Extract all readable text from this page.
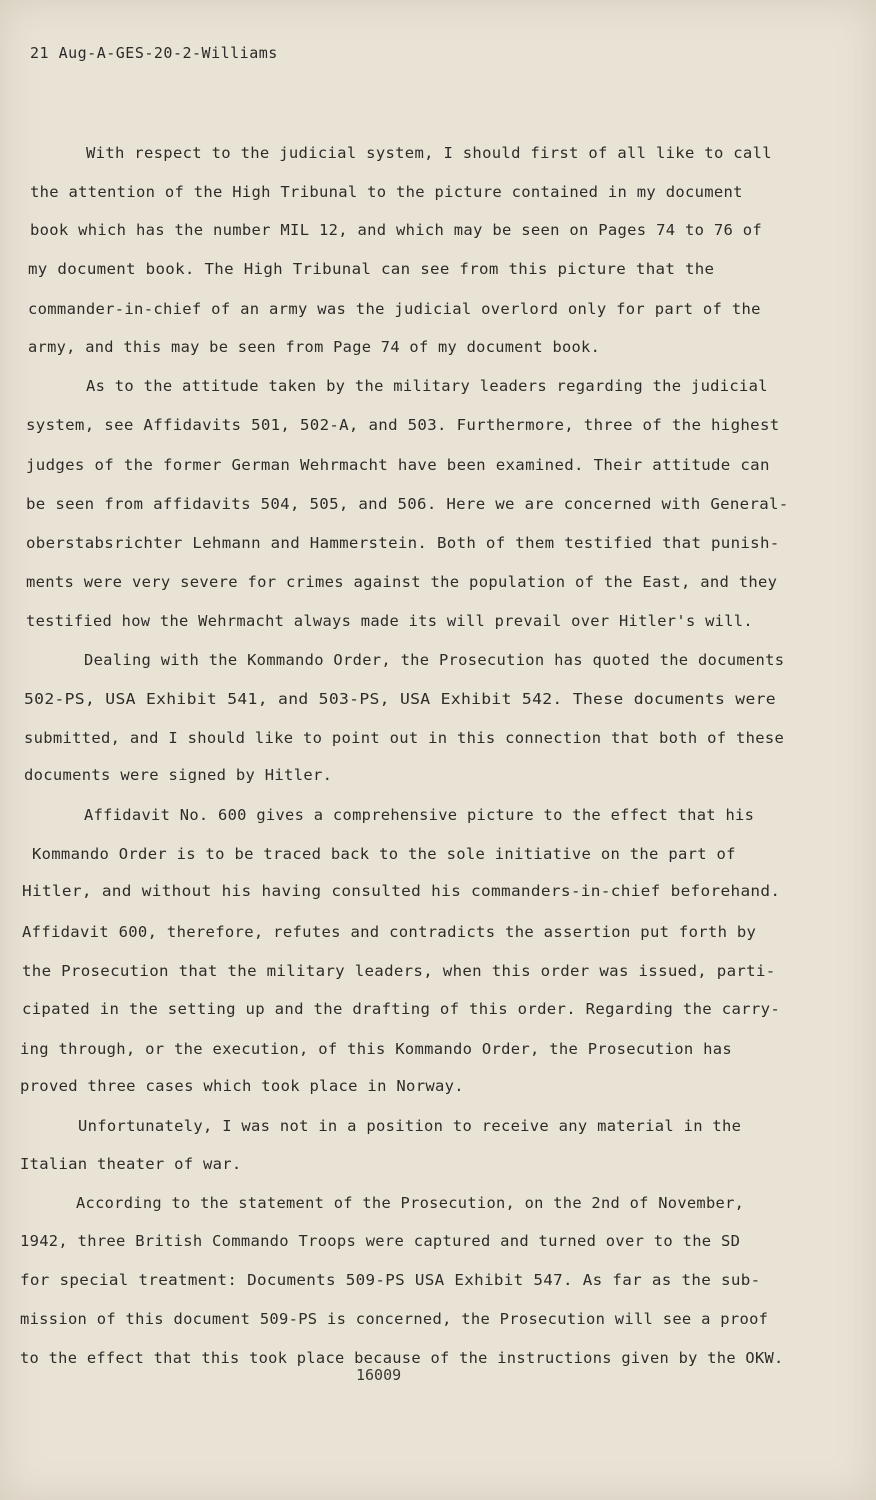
21 Aug-A-GES-20-2-Williams
With respect to the judicial system, I should first of all like to call
the attention of the High Tribunal to the picture contained in my document
book which has the number MIL 12, and which may be seen on Pages 74 to 76 of
my document book. The High Tribunal can see from this picture that the
commander-in-chief of an army was the judicial overlord only for part of the
army, and this may be seen from Page 74 of my document book.
As to the attitude taken by the military leaders regarding the judicial
system, see Affidavits 501, 502-A, and 503. Furthermore, three of the highest
judges of the former German Wehrmacht have been examined. Their attitude can
be seen from affidavits 504, 505, and 506. Here we are concerned with General-
oberstabsrichter Lehmann and Hammerstein. Both of them testified that punish-
ments were very severe for crimes against the population of the East, and they
testified how the Wehrmacht always made its will prevail over Hitler's will.
Dealing with the Kommando Order, the Prosecution has quoted the documents
502-PS, USA Exhibit 541, and 503-PS, USA Exhibit 542. These documents were
submitted, and I should like to point out in this connection that both of these
documents were signed by Hitler.
Affidavit No. 600 gives a comprehensive picture to the effect that his
Kommando Order is to be traced back to the sole initiative on the part of
Hitler, and without his having consulted his commanders-in-chief beforehand.
Affidavit 600, therefore, refutes and contradicts the assertion put forth by
the Prosecution that the military leaders, when this order was issued, parti-
cipated in the setting up and the drafting of this order. Regarding the carry-
ing through, or the execution, of this Kommando Order, the Prosecution has
proved three cases which took place in Norway.
Unfortunately, I was not in a position to receive any material in the
Italian theater of war.
According to the statement of the Prosecution, on the 2nd of November,
1942, three British Commando Troops were captured and turned over to the SD
for special treatment: Documents 509-PS USA Exhibit 547. As far as the sub-
mission of this document 509-PS is concerned, the Prosecution will see a proof
to the effect that this took place because of the instructions given by the OKW.
16009
